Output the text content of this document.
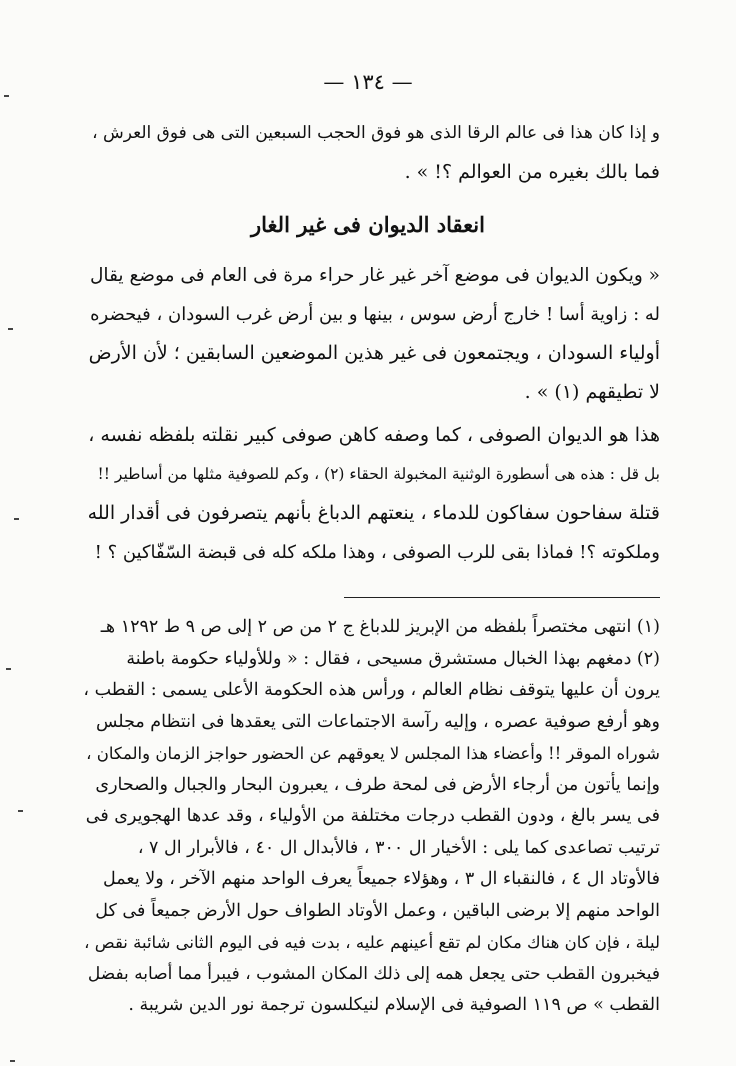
— ١٣٤ —
و إذا كان هذا فى عالم الرقا الذى هو فوق الحجب السبعين التى هى فوق العرش ،
فما بالك بغيره من العوالم ؟! » .
انعقاد الديوان فى غير الغار
« ويكون الديوان فى موضع آخر غير غار حراء مرة فى العام فى موضع يقال
له : زاوية أسا ! خارج أرض سوس ، بينها و بين أرض غرب السودان ، فيحضره
أولياء السودان ، ويجتمعون فى غير هذين الموضعين السابقين ؛ لأن الأرض
لا تطيقهم (١) » .
هذا هو الديوان الصوفى ، كما وصفه كاهن صوفى كبير نقلته بلفظه نفسه ،
بل قل : هذه هى أسطورة الوثنية المخبولة الحقاء (٢) ، وكم للصوفية مثلها من أساطير !!
قتلة سفاحون سفاكون للدماء ، ينعتهم الدباغ بأنهم يتصرفون فى أقدار الله
وملكوته ؟! فماذا بقى للرب الصوفى ، وهذا ملكه كله فى قبضة السّفّاكين ؟ !
(١) انتهى مختصراً بلفظه من الإبريز للدباغ ج ٢ من ص ٢ إلى ص ٩ ط ١٢٩٢ هـ
(٢) دمغهم بهذا الخبال مستشرق مسيحى ، فقال : « وللأولياء حكومة باطنة
يرون أن عليها يتوقف نظام العالم ، ورأس هذه الحكومة الأعلى يسمى : القطب ،
وهو أرفع صوفية عصره ، وإليه رآسة الاجتماعات التى يعقدها فى انتظام مجلس
شوراه الموقر !! وأعضاء هذا المجلس لا يعوقهم عن الحضور حواجز الزمان والمكان ،
وإنما يأتون من أرجاء الأرض فى لمحة طرف ، يعبرون البحار والجبال والصحارى
فى يسر بالغ ، ودون القطب درجات مختلفة من الأولياء ، وقد عدها الهجويرى فى
ترتيب تصاعدى كما يلى : الأخيار ال ٣٠٠ ، فالأبدال ال ٤٠ ، فالأبرار ال ٧ ،
فالأوتاد ال ٤ ، فالنقباء ال ٣ ، وهؤلاء جميعاً يعرف الواحد منهم الآخر ، ولا يعمل
الواحد منهم إلا برضى الباقين ، وعمل الأوتاد الطواف حول الأرض جميعاً فى كل
ليلة ، فإن كان هناك مكان لم تقع أعينهم عليه ، بدت فيه فى اليوم الثانى شائبة نقص ،
فيخبرون القطب حتى يجعل همه إلى ذلك المكان المشوب ، فيبرأ مما أصابه بفضل
القطب » ص ١١٩ الصوفية فى الإسلام لنيكلسون ترجمة نور الدين شريبة .
